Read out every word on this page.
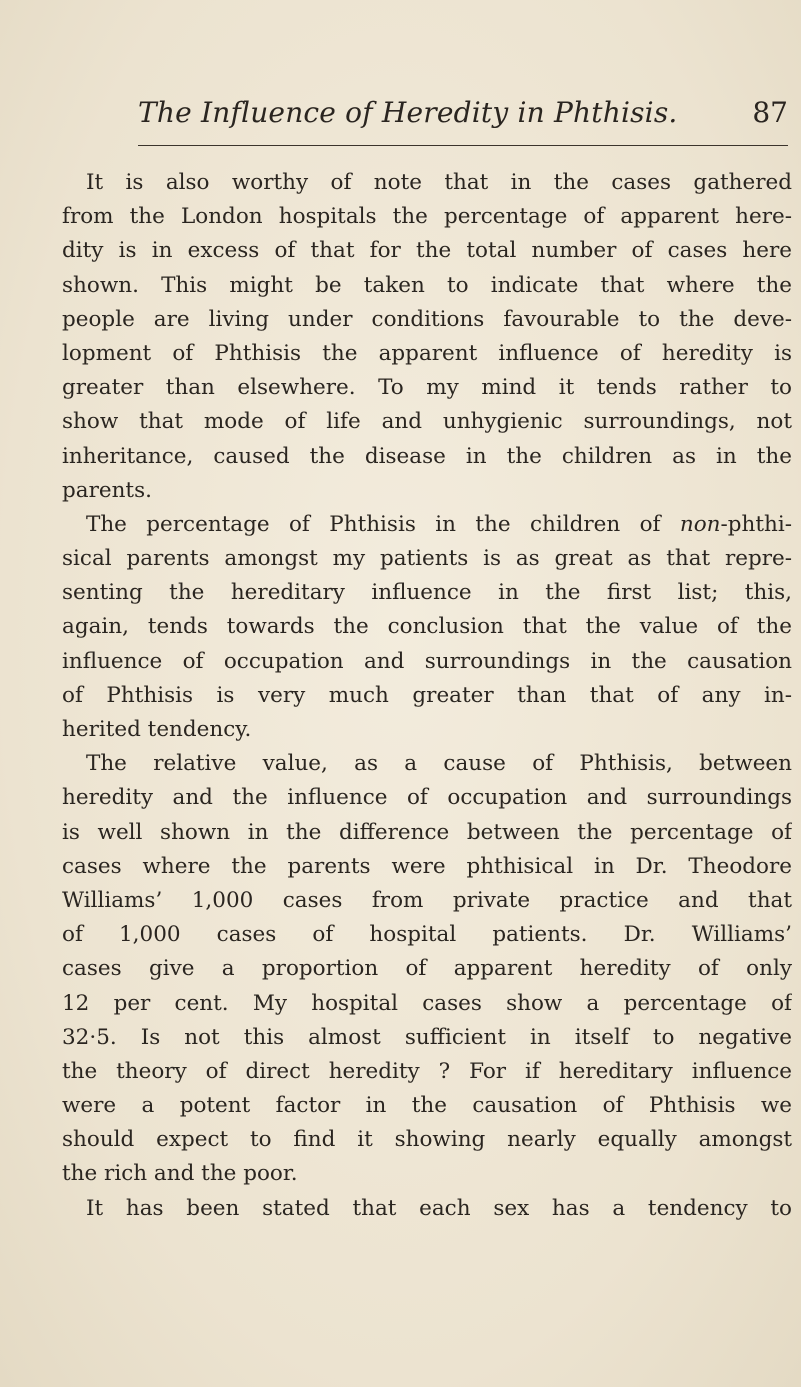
The Influence of Heredity in Phthisis.	87
It is also worthy of note that in the cases gathered
from the London hospitals the percentage of apparent here-
dity is in excess of that for the total number of cases here
shown. This might be taken to indicate that where the
people are living under conditions favourable to the deve-
lopment of Phthisis the apparent influence of heredity is
greater than elsewhere. To my mind it tends rather to
show that mode of life and unhygienic surroundings, not
inheritance, caused the disease in the children as in the
parents.
The percentage of Phthisis in the children of non-phthi-
sical parents amongst my patients is as great as that repre-
senting the hereditary influence in the first list; this,
again, tends towards the conclusion that the value of the
influence of occupation and surroundings in the causation
of Phthisis is very much greater than that of any in-
herited tendency.
The relative value, as a cause of Phthisis, between
heredity and the influence of occupation and surroundings
is well shown in the difference between the percentage of
cases where the parents were phthisical in Dr. Theodore
Williams’ 1,000 cases from private practice and that
of 1,000 cases of hospital patients. Dr. Williams’
cases give a proportion of apparent heredity of only
12 per cent. My hospital cases show a percentage of
32·5. Is not this almost sufficient in itself to negative
the theory of direct heredity ? For if hereditary influence
were a potent factor in the causation of Phthisis we
should expect to find it showing nearly equally amongst
the rich and the poor.
It has been stated that each sex has a tendency to
